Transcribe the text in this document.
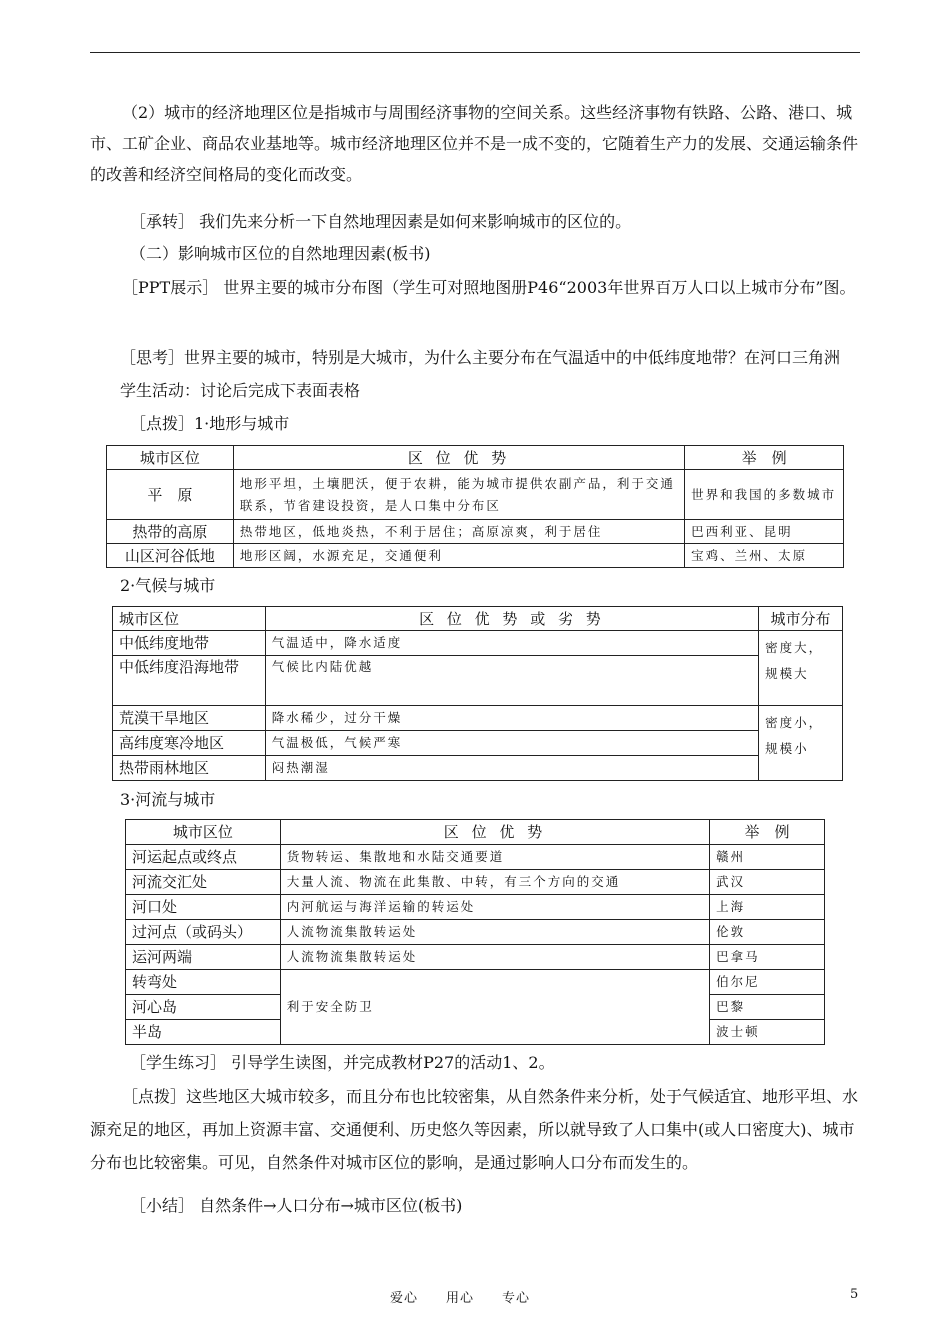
（2）城市的经济地理区位是指城市与周围经济事物的空间关系。这些经济事物有铁路、公路、港口、城市、工矿企业、商品农业基地等。城市经济地理区位并不是一成不变的，它随着生产力的发展、交通运输条件的改善和经济空间格局的变化而改变。

［承转］ 我们先来分析一下自然地理因素是如何来影响城市的区位的。
（二）影响城市区位的自然地理因素(板书)

［PPT展示］ 世界主要的城市分布图（学生可对照地图册P46“2003年世界百万人口以上城市分布”图。

［思考］世界主要的城市，特别是大城市，为什么主要分布在气温适中的中低纬度地带？在河口三角洲
学生活动：讨论后完成下表面表格
［点拨］1·地形与城市
城市区位	区 位 优 势	举　例
平　原	地形平坦，土壤肥沃，便于农耕，能为城市提供农副产品，利于交通联系，节省建设投资，是人口集中分布区	世界和我国的多数城市
热带的高原	热带地区，低地炎热，不利于居住；高原凉爽，利于居住	巴西利亚、昆明
山区河谷低地	地形区阔，水源充足，交通便利	宝鸡、兰州、太原
2·气候与城市
城市区位	区 位 优 势 或 劣 势	城市分布
中低纬度地带	气温适中，降水适度	密度大，规模大
中低纬度沿海地带	气候比内陆优越	
荒漠干旱地区	降水稀少，过分干燥	密度小，规模小
高纬度寒冷地区	气温极低，气候严寒	
热带雨林地区	闷热潮湿	
3·河流与城市
城市区位	区 位 优 势	举　例
河运起点或终点	货物转运、集散地和水陆交通要道	赣州
河流交汇处	大量人流、物流在此集散、中转，有三个方向的交通	武汉
河口处	内河航运与海洋运输的转运处	上海
过河点（或码头）	人流物流集散转运处	伦敦
运河两端	人流物流集散转运处	巴拿马
转弯处	利于安全防卫	伯尔尼
河心岛		巴黎
半岛		波士顿
［学生练习］ 引导学生读图，并完成教材P27的活动1、2。

［点拨］这些地区大城市较多，而且分布也比较密集，从自然条件来分析，处于气候适宜、地形平坦、水源充足的地区，再加上资源丰富、交通便利、历史悠久等因素，所以就导致了人口集中(或人口密度大)、城市分布也比较密集。可见，自然条件对城市区位的影响，是通过影响人口分布而发生的。

［小结］ 自然条件→人口分布→城市区位(板书)
爱心　　用心　　专心	5
